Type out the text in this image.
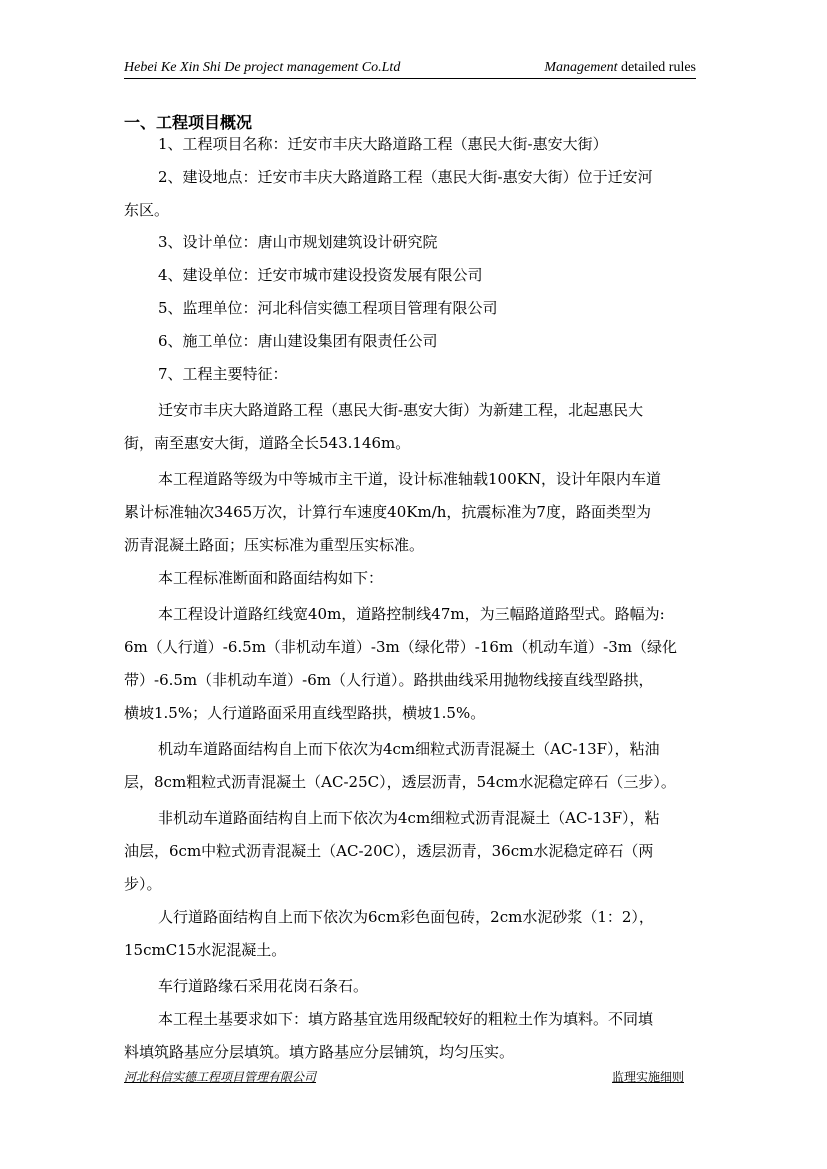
Hebei Ke Xin Shi De project management Co.Ltd	Management detailed rules
一、工程项目概况
1、工程项目名称：迁安市丰庆大路道路工程（惠民大街-惠安大街）
2、建设地点：迁安市丰庆大路道路工程（惠民大街-惠安大街）位于迁安河
东区。
3、设计单位：唐山市规划建筑设计研究院
4、建设单位：迁安市城市建设投资发展有限公司
5、监理单位：河北科信实德工程项目管理有限公司
6、施工单位：唐山建设集团有限责任公司
7、工程主要特征：
迁安市丰庆大路道路工程（惠民大街-惠安大街）为新建工程，北起惠民大
街，南至惠安大街，道路全长543.146m。
本工程道路等级为中等城市主干道，设计标准轴载100KN，设计年限内车道
累计标准轴次3465万次，计算行车速度40Km/h，抗震标准为7度，路面类型为
沥青混凝土路面；压实标准为重型压实标准。
本工程标准断面和路面结构如下：
本工程设计道路红线宽40m，道路控制线47m，为三幅路道路型式。路幅为:
6m（人行道）-6.5m（非机动车道）-3m（绿化带）-16m（机动车道）-3m（绿化
带）-6.5m（非机动车道）-6m（人行道）。路拱曲线采用抛物线接直线型路拱，
横坡1.5%；人行道路面采用直线型路拱，横坡1.5%。
机动车道路面结构自上而下依次为4cm细粒式沥青混凝土（AC-13F），粘油
层，8cm粗粒式沥青混凝土（AC-25C），透层沥青，54cm水泥稳定碎石（三步）。
非机动车道路面结构自上而下依次为4cm细粒式沥青混凝土（AC-13F），粘
油层，6cm中粒式沥青混凝土（AC-20C），透层沥青，36cm水泥稳定碎石（两
步）。
人行道路面结构自上而下依次为6cm彩色面包砖，2cm水泥砂浆（1：2），
15cmC15水泥混凝土。
车行道路缘石采用花岗石条石。
本工程土基要求如下：填方路基宜选用级配较好的粗粒土作为填料。不同填
料填筑路基应分层填筑。填方路基应分层铺筑，均匀压实。
河北科信实德工程项目管理有限公司	监理实施细则
